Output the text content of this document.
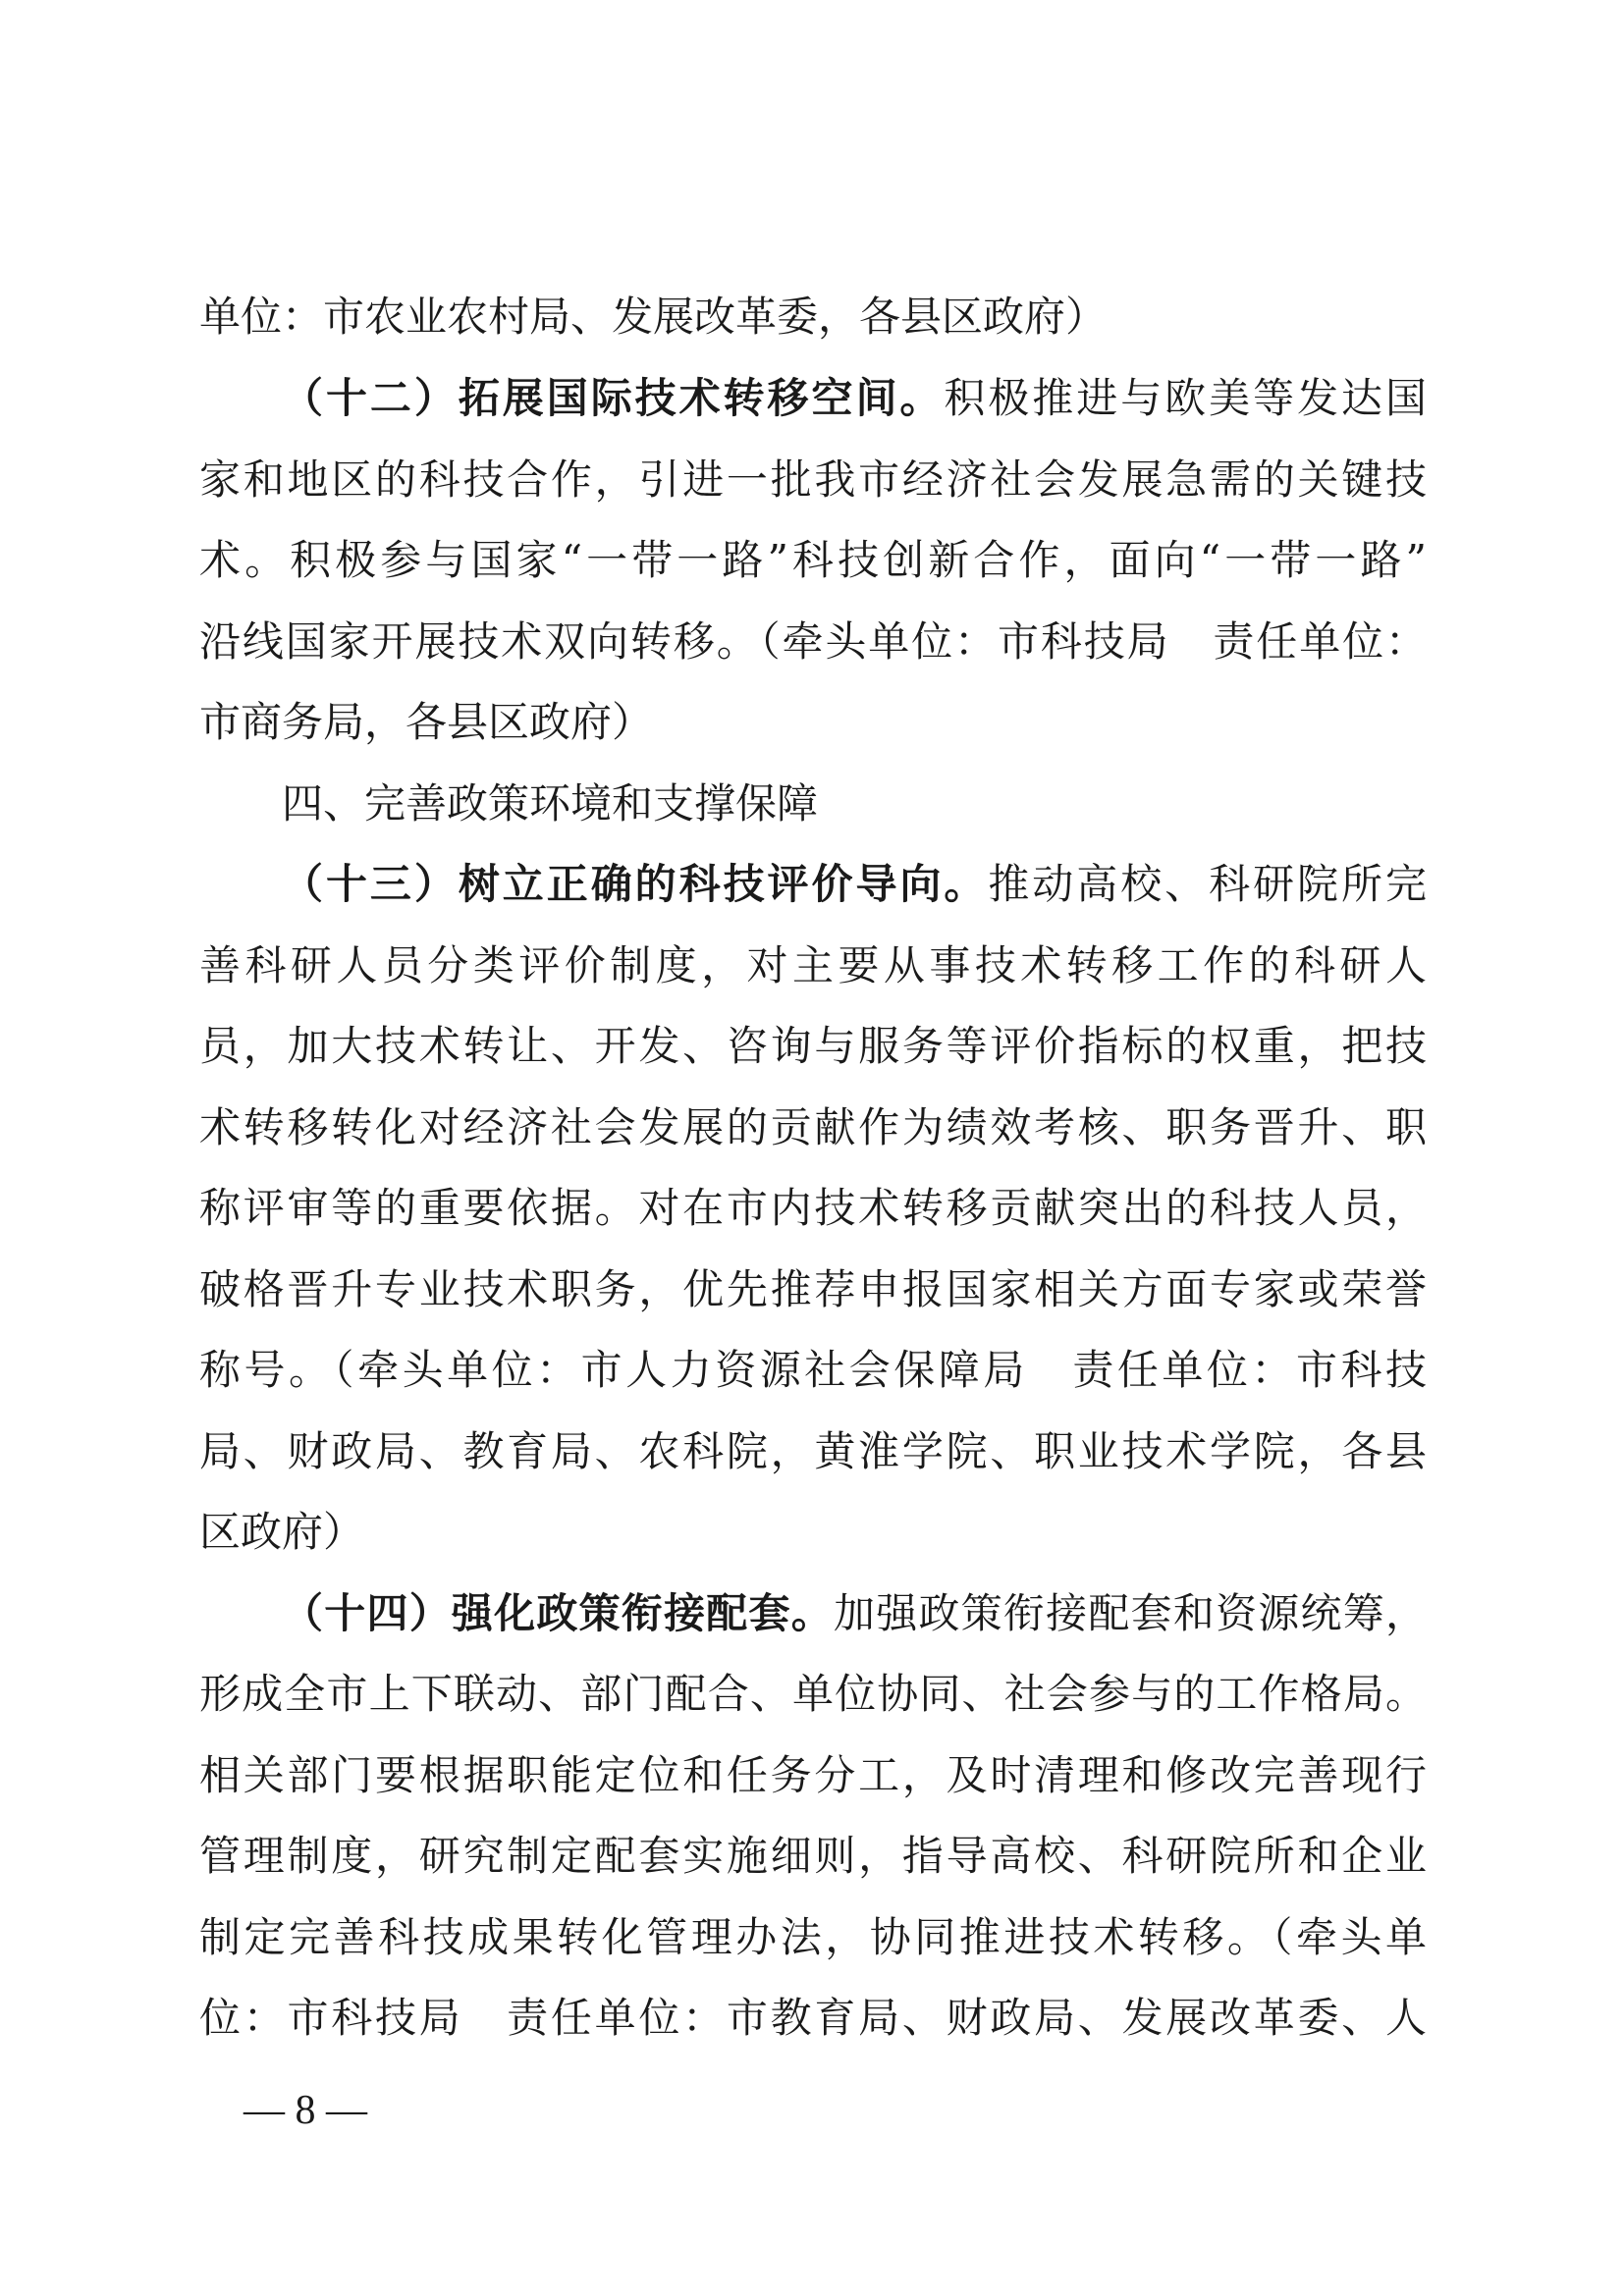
单位：市农业农村局、发展改革委，各县区政府）
（十二）拓展国际技术转移空间。积极推进与欧美等发达国
家和地区的科技合作，引进一批我市经济社会发展急需的关键技
术。积极参与国家“一带一路”科技创新合作，面向“一带一路”
沿线国家开展技术双向转移。（牵头单位：市科技局　责任单位：
市商务局，各县区政府）
四、完善政策环境和支撑保障
（十三）树立正确的科技评价导向。推动高校、科研院所完
善科研人员分类评价制度，对主要从事技术转移工作的科研人
员，加大技术转让、开发、咨询与服务等评价指标的权重，把技
术转移转化对经济社会发展的贡献作为绩效考核、职务晋升、职
称评审等的重要依据。对在市内技术转移贡献突出的科技人员，
破格晋升专业技术职务，优先推荐申报国家相关方面专家或荣誉
称号。（牵头单位：市人力资源社会保障局　责任单位：市科技
局、财政局、教育局、农科院，黄淮学院、职业技术学院，各县
区政府）
（十四）强化政策衔接配套。加强政策衔接配套和资源统筹，
形成全市上下联动、部门配合、单位协同、社会参与的工作格局。
相关部门要根据职能定位和任务分工，及时清理和修改完善现行
管理制度，研究制定配套实施细则，指导高校、科研院所和企业
制定完善科技成果转化管理办法，协同推进技术转移。（牵头单
位：市科技局　责任单位：市教育局、财政局、发展改革委、人
— 8 —
